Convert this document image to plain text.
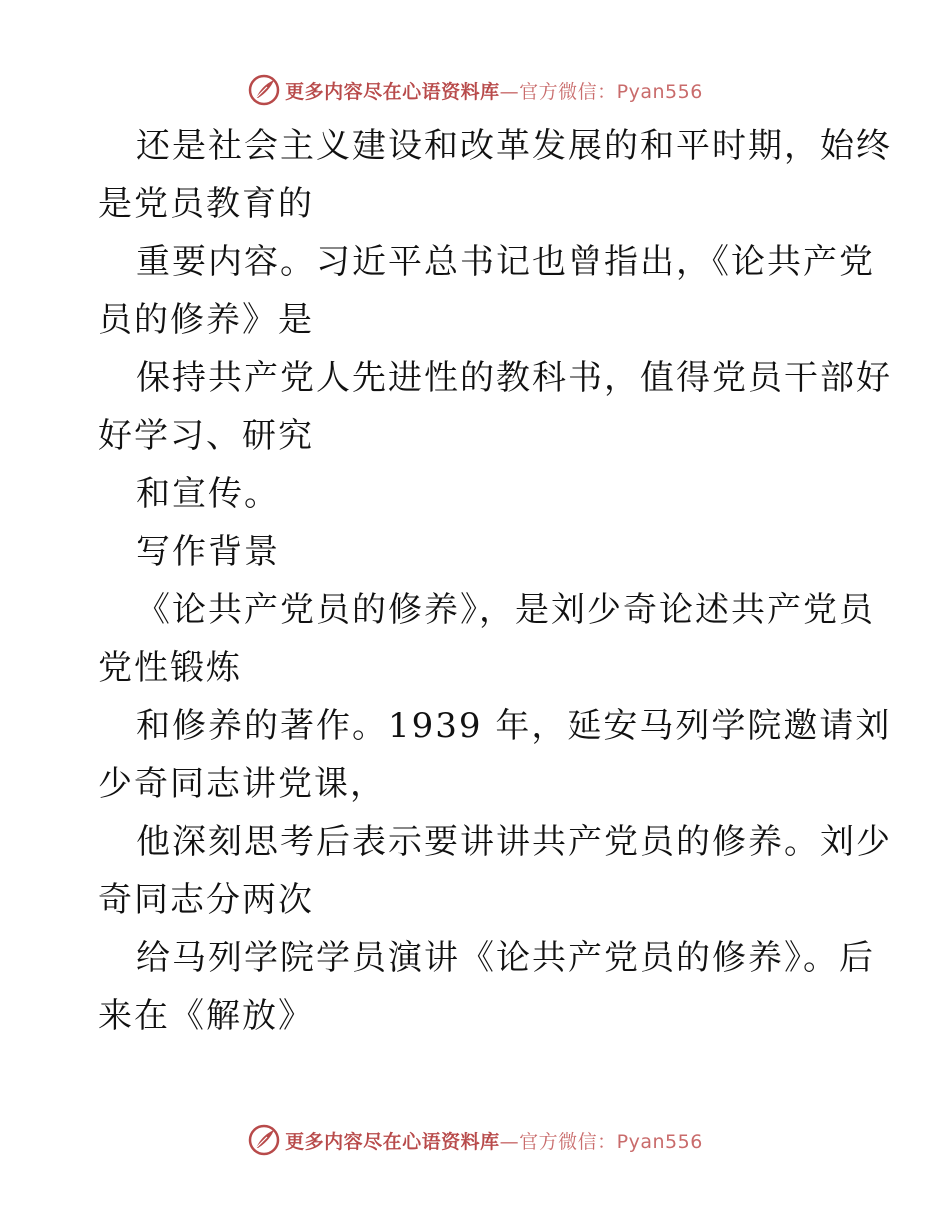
更多内容尽在心语资料库—官方微信：Pyan556
还是社会主义建设和改革发展的和平时期，始终
是党员教育的
重要内容。习近平总书记也曾指出，《论共产党
员的修养》是
保持共产党人先进性的教科书，值得党员干部好
好学习、研究
和宣传。
写作背景
《论共产党员的修养》，是刘少奇论述共产党员
党性锻炼
和修养的著作。1939 年，延安马列学院邀请刘
少奇同志讲党课，
他深刻思考后表示要讲讲共产党员的修养。刘少
奇同志分两次
给马列学院学员演讲《论共产党员的修养》。后
来在《解放》
更多内容尽在心语资料库—官方微信：Pyan556
